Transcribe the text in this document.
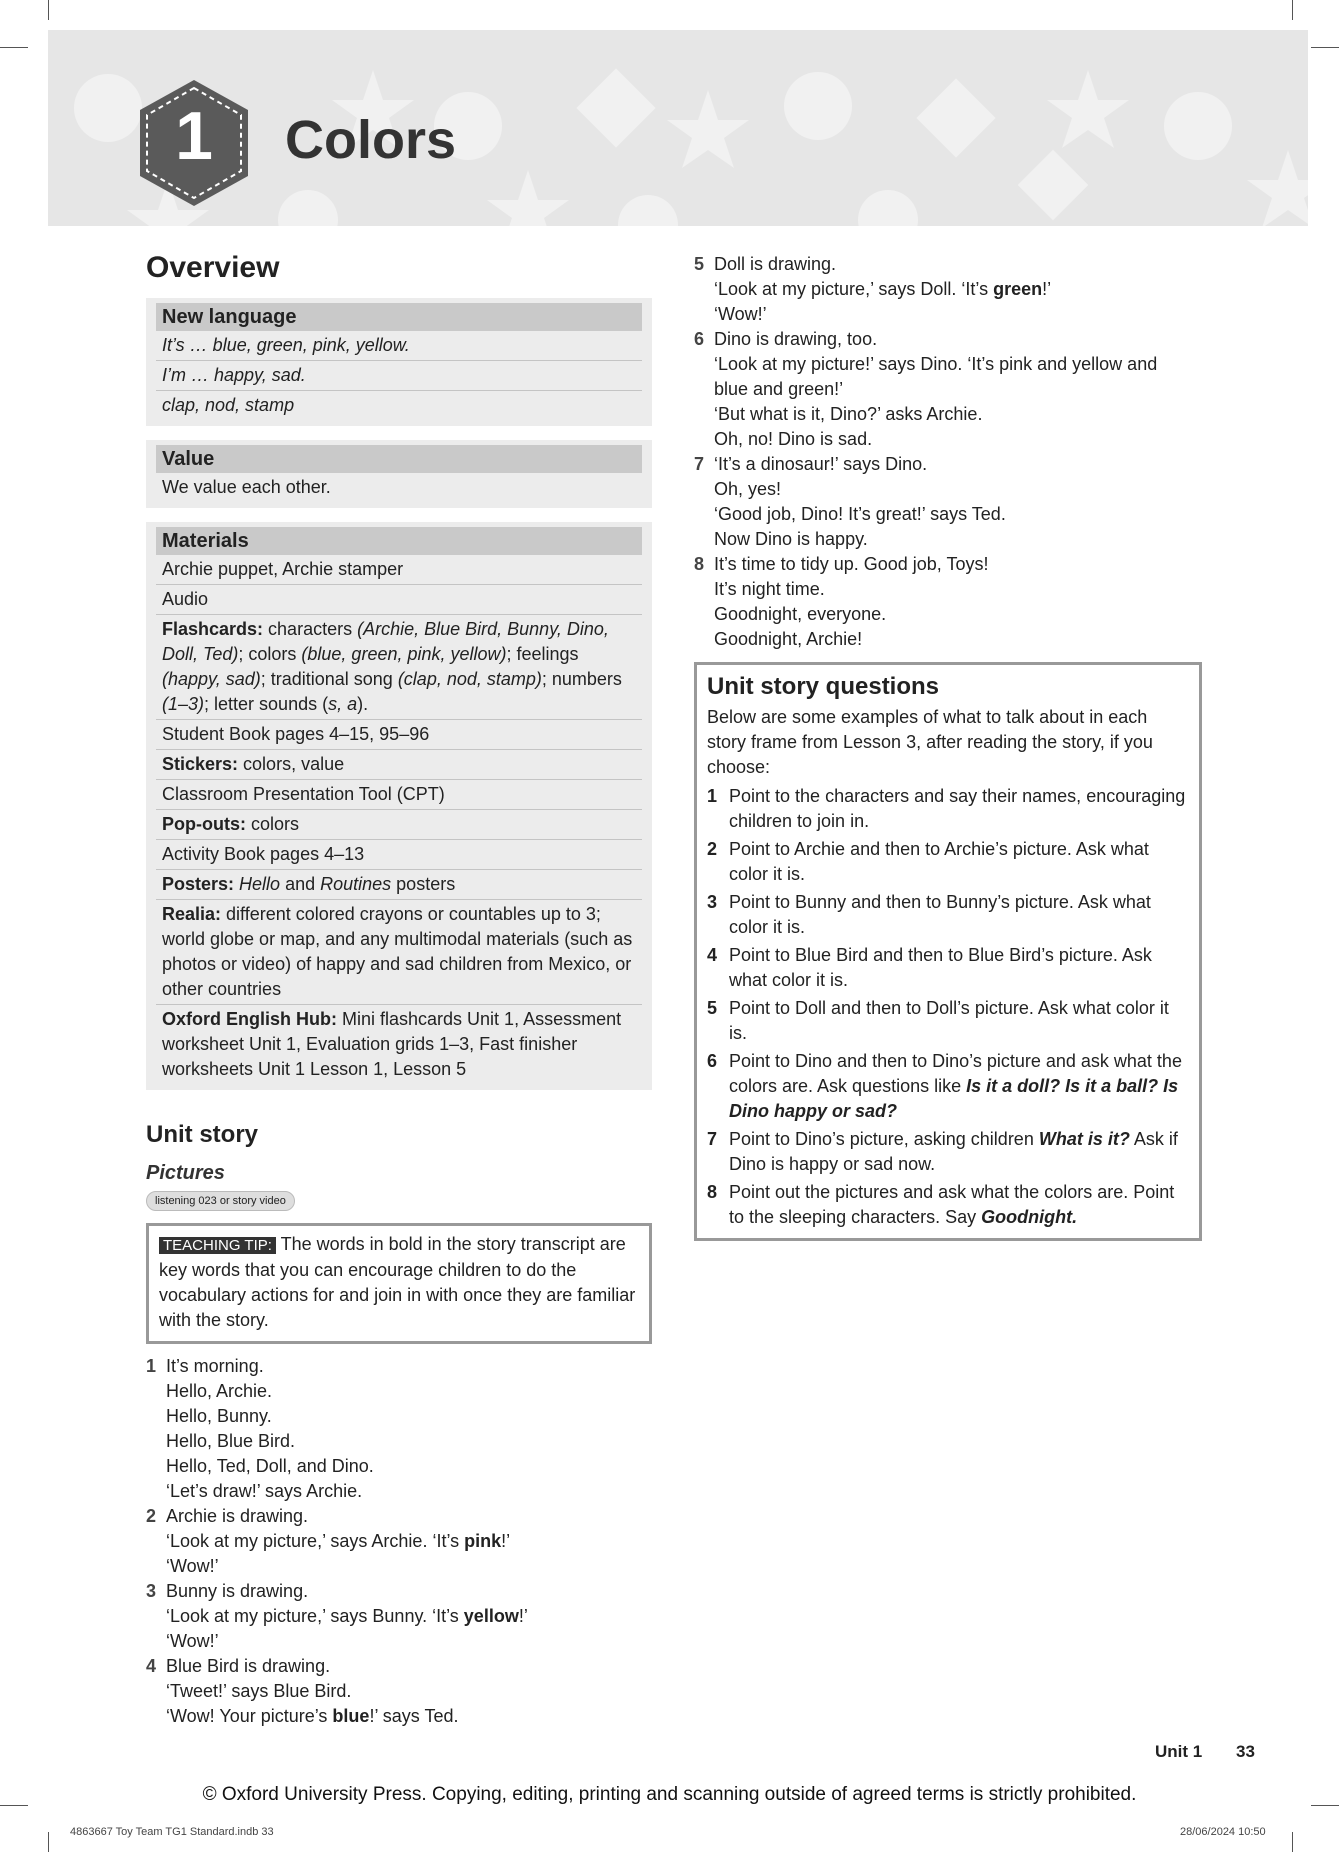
1	Colors
Overview
New language
It’s … blue, green, pink, yellow.
I’m … happy, sad.
clap, nod, stamp
Value
We value each other.
Materials
Archie puppet, Archie stamper
Audio
Flashcards: characters (Archie, Blue Bird, Bunny, Dino, Doll, Ted); colors (blue, green, pink, yellow); feelings (happy, sad); traditional song (clap, nod, stamp); numbers (1–3); letter sounds (s, a).
Student Book pages 4–15, 95–96
Stickers: colors, value
Classroom Presentation Tool (CPT)
Pop-outs: colors
Activity Book pages 4–13
Posters: Hello and Routines posters
Realia: different colored crayons or countables up to 3; world globe or map, and any multimodal materials (such as photos or video) of happy and sad children from Mexico, or other countries
Oxford English Hub: Mini flashcards Unit 1, Assessment worksheet Unit 1, Evaluation grids 1–3, Fast finisher worksheets Unit 1 Lesson 1, Lesson 5
Unit story
Pictures
listening 023 or story video
TEACHING TIP: The words in bold in the story transcript are key words that you can encourage children to do the vocabulary actions for and join in with once they are familiar with the story.
1 It’s morning.
Hello, Archie.
Hello, Bunny.
Hello, Blue Bird.
Hello, Ted, Doll, and Dino.
‘Let’s draw!’ says Archie.
2 Archie is drawing.
‘Look at my picture,’ says Archie. ‘It’s pink!’
‘Wow!’
3 Bunny is drawing.
‘Look at my picture,’ says Bunny. ‘It’s yellow!’
‘Wow!’
4 Blue Bird is drawing.
‘Tweet!’ says Blue Bird.
‘Wow! Your picture’s blue!’ says Ted.
5 Doll is drawing.
‘Look at my picture,’ says Doll. ‘It’s green!’
‘Wow!’
6 Dino is drawing, too.
‘Look at my picture!’ says Dino. ‘It’s pink and yellow and
blue and green!’
‘But what is it, Dino?’ asks Archie.
Oh, no! Dino is sad.
7 ‘It’s a dinosaur!’ says Dino.
Oh, yes!
‘Good job, Dino! It’s great!’ says Ted.
Now Dino is happy.
8 It’s time to tidy up. Good job, Toys!
It’s night time.
Goodnight, everyone.
Goodnight, Archie!
Unit story questions
Below are some examples of what to talk about in each story frame from Lesson 3, after reading the story, if you choose:
1 Point to the characters and say their names, encouraging children to join in.
2 Point to Archie and then to Archie’s picture. Ask what color it is.
3 Point to Bunny and then to Bunny’s picture. Ask what color it is.
4 Point to Blue Bird and then to Blue Bird’s picture. Ask what color it is.
5 Point to Doll and then to Doll’s picture. Ask what color it is.
6 Point to Dino and then to Dino’s picture and ask what the colors are. Ask questions like Is it a doll? Is it a ball? Is Dino happy or sad?
7 Point to Dino’s picture, asking children What is it? Ask if Dino is happy or sad now.
8 Point out the pictures and ask what the colors are. Point to the sleeping characters. Say Goodnight.
Unit 1 33
© Oxford University Press. Copying, editing, printing and scanning outside of agreed terms is strictly prohibited.
4863667 Toy Team TG1 Standard.indb 33	28/06/2024 10:50
